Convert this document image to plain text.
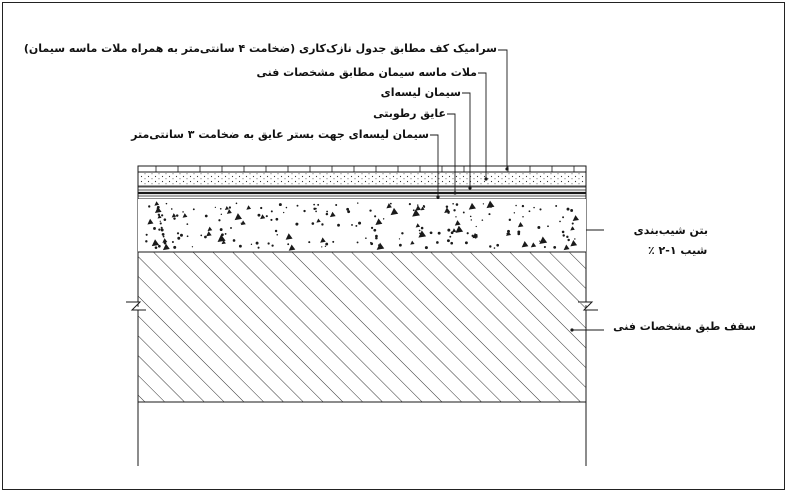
سرامیک کف مطابق جدول نازک‌کاری (ضخامت ۴ سانتی‌متر به همراه ملات ماسه سیمان)
ملات ماسه سیمان مطابق مشخصات فنی
سیمان لیسه‌ای
عایق رطوبتی
سیمان لیسه‌ای جهت بستر عایق به ضخامت ۳ سانتی‌متر
بتن شیب‌بندی
شیب ۱-۲ ٪
سقف طبق مشخصات فنی
